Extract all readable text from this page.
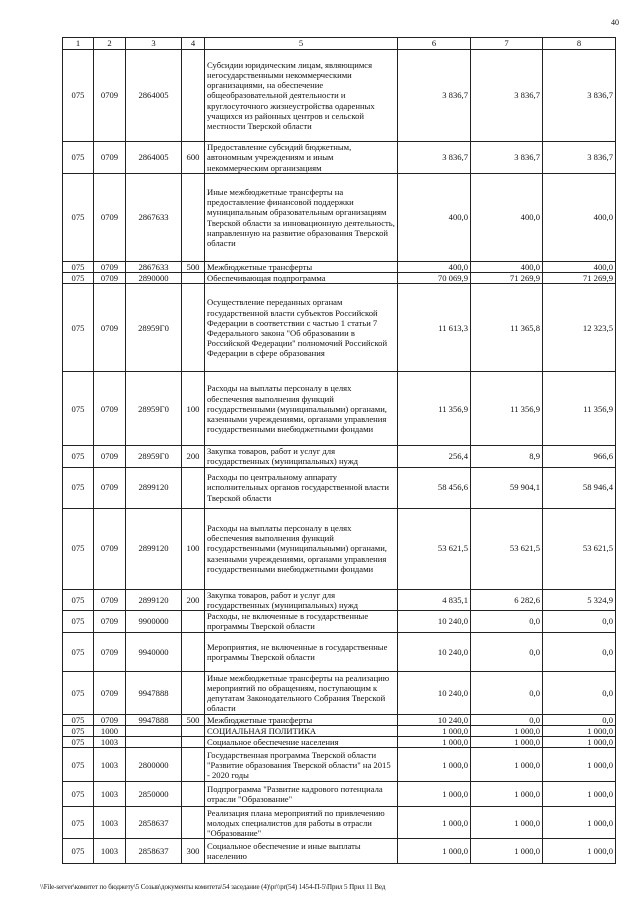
40
1	2	3	4	5	6	7	8
075	0709	2864005		Субсидии юридическим лицам, являющимся негосударственными некоммерческими организациями, на обеспечение общеобразовательной деятельности и круглосуточного жизнеустройства одаренных учащихся из районных центров и сельской местности Тверской области	3 836,7	3 836,7	3 836,7
075	0709	2864005	600	Предоставление субсидий бюджетным, автономным учреждениям и иным некоммерческим организациям	3 836,7	3 836,7	3 836,7
075	0709	2867633		Иные межбюджетные трансферты на предоставление финансовой поддержки муниципальным образовательным организациям Тверской области за инновационную деятельность, направленную на развитие образования Тверской области	400,0	400,0	400,0
075	0709	2867633	500	Межбюджетные трансферты	400,0	400,0	400,0
075	0709	2890000		Обеспечивающая подпрограмма	70 069,9	71 269,9	71 269,9
075	0709	28959Г0		Осуществление переданных органам государственной власти субъектов Российской Федерации в соответствии с частью 1 статьи 7 Федерального закона "Об образовании в Российской Федерации" полномочий Российской Федерации в сфере образования	11 613,3	11 365,8	12 323,5
075	0709	28959Г0	100	Расходы на выплаты персоналу в целях обеспечения выполнения функций государственными (муниципальными) органами, казенными учреждениями, органами управления государственными внебюджетными фондами	11 356,9	11 356,9	11 356,9
075	0709	28959Г0	200	Закупка товаров, работ и услуг для государственных (муниципальных) нужд	256,4	8,9	966,6
075	0709	2899120		Расходы по центральному аппарату исполнительных органов государственной власти Тверской области	58 456,6	59 904,1	58 946,4
075	0709	2899120	100	Расходы на выплаты персоналу в целях обеспечения выполнения функций государственными (муниципальными) органами, казенными учреждениями, органами управления государственными внебюджетными фондами	53 621,5	53 621,5	53 621,5
075	0709	2899120	200	Закупка товаров, работ и услуг для государственных (муниципальных) нужд	4 835,1	6 282,6	5 324,9
075	0709	9900000		Расходы, не включенные в государственные программы Тверской области	10 240,0	0,0	0,0
075	0709	9940000		Мероприятия, не включенные в государственные программы Тверской области	10 240,0	0,0	0,0
075	0709	9947888		Иные межбюджетные трансферты на реализацию мероприятий по обращениям, поступающим к депутатам Законодательного Собрания Тверской области	10 240,0	0,0	0,0
075	0709	9947888	500	Межбюджетные трансферты	10 240,0	0,0	0,0
075	1000			СОЦИАЛЬНАЯ ПОЛИТИКА	1 000,0	1 000,0	1 000,0
075	1003			Социальное обеспечение населения	1 000,0	1 000,0	1 000,0
075	1003	2800000		Государственная программа Тверской области "Развитие образования Тверской области" на 2015 - 2020 годы	1 000,0	1 000,0	1 000,0
075	1003	2850000		Подпрограмма "Развитие кадрового потенциала отрасли "Образование"	1 000,0	1 000,0	1 000,0
075	1003	2858637		Реализация плана мероприятий по привлечению молодых специалистов для работы в отрасли "Образование"	1 000,0	1 000,0	1 000,0
075	1003	2858637	300	Социальное обеспечение и иные выплаты населению	1 000,0	1 000,0	1 000,0
\\File-server\комитет по бюджету\5 Созыв\документы комитета\54 заседание (4)\pr\\pr(54) 1454-П-5\Прил 5 Прил 11 Вед
